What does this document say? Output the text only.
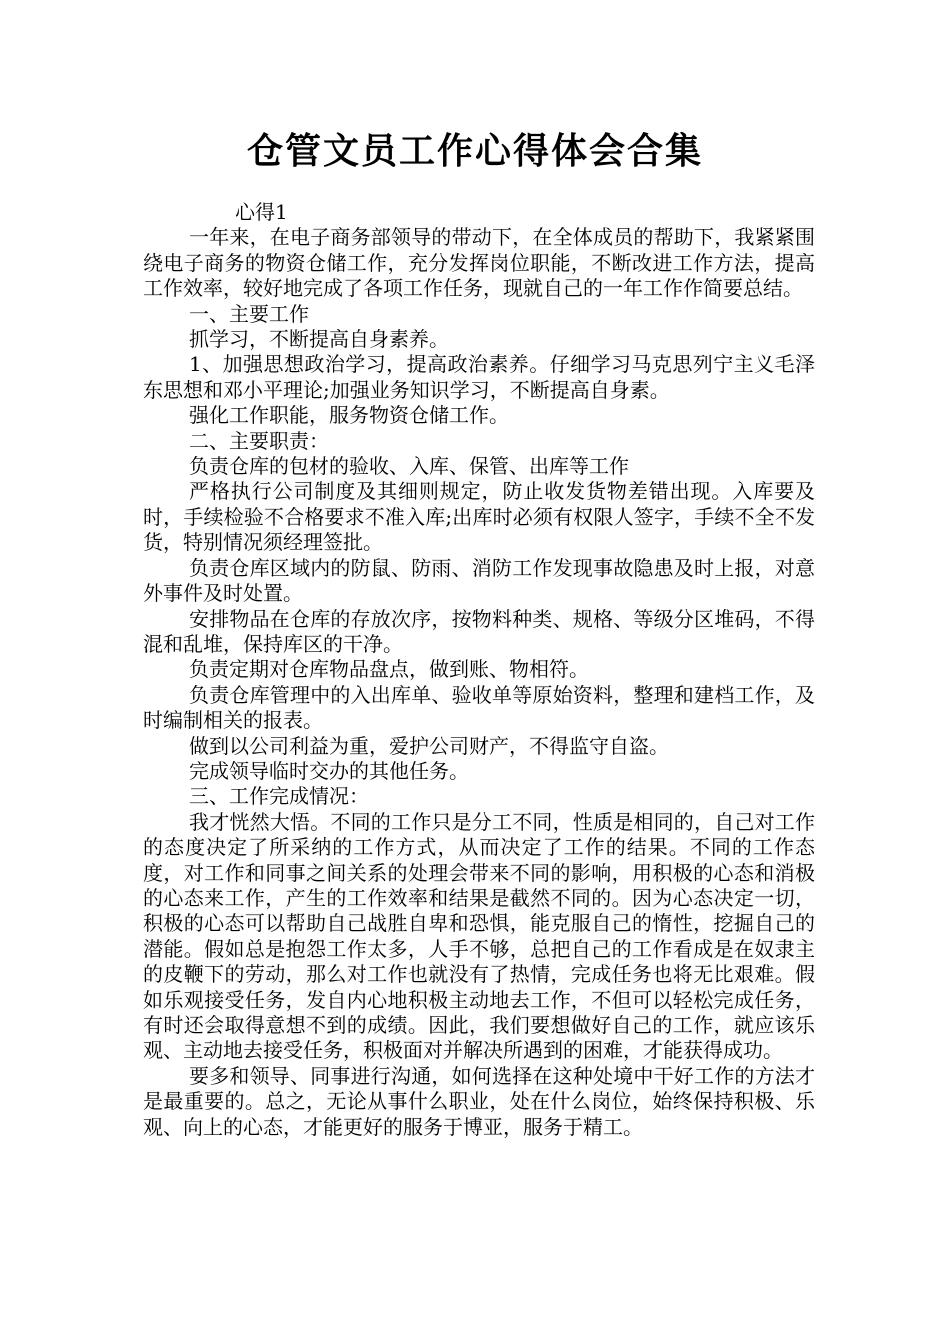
仓管文员工作心得体会合集

心得1

一年来，在电子商务部领导的带动下，在全体成员的帮助下，我紧紧围绕电子商务的物资仓储工作，充分发挥岗位职能，不断改进工作方法，提高工作效率，较好地完成了各项工作任务，现就自己的一年工作作简要总结。

一、主要工作

抓学习，不断提高自身素养。

1、加强思想政治学习，提高政治素养。仔细学习马克思列宁主义毛泽东思想和邓小平理论;加强业务知识学习，不断提高自身素。

强化工作职能，服务物资仓储工作。

二、主要职责：

负责仓库的包材的验收、入库、保管、出库等工作

严格执行公司制度及其细则规定，防止收发货物差错出现。入库要及时，手续检验不合格要求不准入库;出库时必须有权限人签字，手续不全不发货，特别情况须经理签批。

负责仓库区域内的防鼠、防雨、消防工作发现事故隐患及时上报，对意外事件及时处置。

安排物品在仓库的存放次序，按物料种类、规格、等级分区堆码，不得混和乱堆，保持库区的干净。

负责定期对仓库物品盘点，做到账、物相符。

负责仓库管理中的入出库单、验收单等原始资料，整理和建档工作，及时编制相关的报表。

做到以公司利益为重，爱护公司财产，不得监守自盗。

完成领导临时交办的其他任务。

三、工作完成情况：

我才恍然大悟。不同的工作只是分工不同，性质是相同的，自己对工作的态度决定了所采纳的工作方式，从而决定了工作的结果。不同的工作态度，对工作和同事之间关系的处理会带来不同的影响，用积极的心态和消极的心态来工作，产生的工作效率和结果是截然不同的。因为心态决定一切，积极的心态可以帮助自己战胜自卑和恐惧，能克服自己的惰性，挖掘自己的潜能。假如总是抱怨工作太多，人手不够，总把自己的工作看成是在奴隶主的皮鞭下的劳动，那么对工作也就没有了热情，完成任务也将无比艰难。假如乐观接受任务，发自内心地积极主动地去工作，不但可以轻松完成任务，有时还会取得意想不到的成绩。因此，我们要想做好自己的工作，就应该乐观、主动地去接受任务，积极面对并解决所遇到的困难，才能获得成功。

要多和领导、同事进行沟通，如何选择在这种处境中干好工作的方法才是最重要的。总之，无论从事什么职业，处在什么岗位，始终保持积极、乐观、向上的心态，才能更好的服务于博亚，服务于精工。
